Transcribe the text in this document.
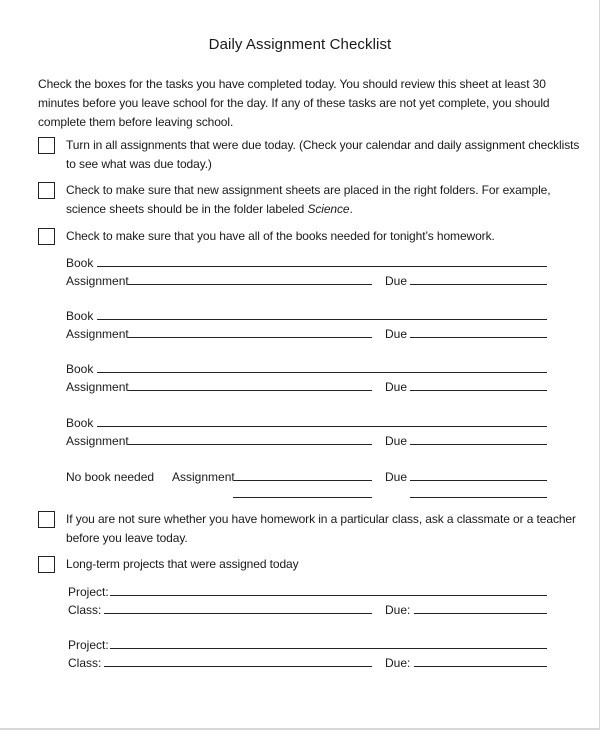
Daily Assignment Checklist
Check the boxes for the tasks you have completed today. You should review this sheet at least 30 minutes before you leave school for the day. If any of these tasks are not yet complete, you should complete them before leaving school.
Turn in all assignments that were due today. (Check your calendar and daily assignment checklists to see what was due today.)
Check to make sure that new assignment sheets are placed in the right folders. For example, science sheets should be in the folder labeled Science.
Check to make sure that you have all of the books needed for tonight’s homework.
Book
Assignment	Due
Book
Assignment	Due
Book
Assignment	Due
Book
Assignment	Due
No book needed Assignment	Due
If you are not sure whether you have homework in a particular class, ask a classmate or a teacher before you leave today.
Long-term projects that were assigned today
Project:
Class:	Due:
Project:
Class:	Due:
